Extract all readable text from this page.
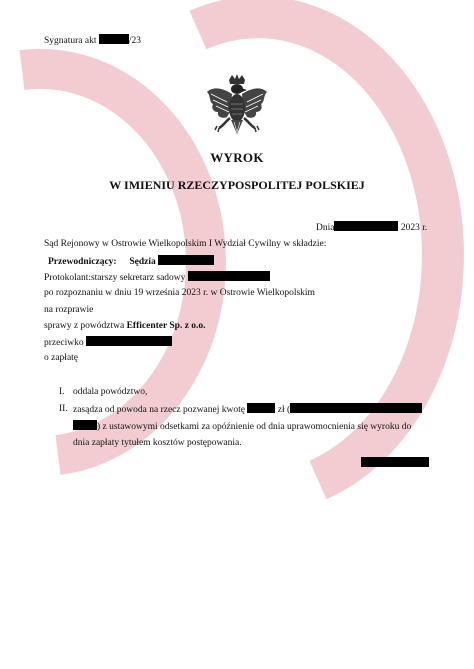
Sygnatura akt	/23
WYROK
W IMIENIU RZECZYPOSPOLITEJ POLSKIEJ
Dnia	2023 r.
Sąd Rejonowy w Ostrowie Wielkopolskim I Wydział Cywilny w składzie:
Przewodniczący: Sędzia
Protokolant:starszy sekretarz sadowy
po rozpoznaniu w dniu 19 września 2023 r. w Ostrowie Wielkopolskim
na rozprawie
sprawy z powództwa Efficenter Sp. z o.o.
przeciwko
o zapłatę
I. oddala powództwo,
II. zasądza od powoda na rzecz pozwanej kwotę	zł (
) z ustawowymi odsetkami za opóźnienie od dnia uprawomocnienia się wyroku do
dnia zapłaty tytułem kosztów postępowania.
